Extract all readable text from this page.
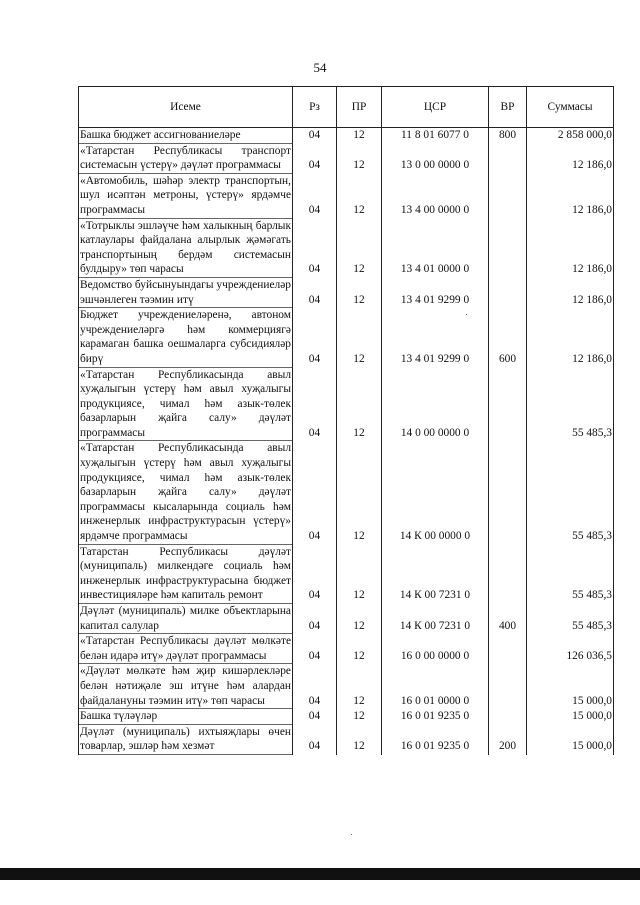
54
Исеме	Рз	ПР	ЦСР	ВР	Суммасы
Башка бюджет ассигнованиеләре	04	12	11 8 01 6077 0	800	2 858 000,0
«Татарстан Республикасы транспорт системасын үстерү» дәүләт программасы	04	12	13 0 00 0000 0		12 186,0
«Автомобиль, шәһәр электр транспортын, шул исәптән метроны, үстерү» ярдәмче программасы	04	12	13 4 00 0000 0		12 186,0
«Тотрыклы эшләүче һәм халыкның барлык катлаулары файдалана алырлык җәмәгать транспортының бердәм системасын булдыру» төп чарасы	04	12	13 4 01 0000 0		12 186,0
Ведомство буйсынуындагы учреждениеләр эшчәнлеген тәэмин итү	04	12	13 4 01 9299 0		12 186,0
Бюджет учреждениеләренә, автоном учреждениеләргә һәм коммерциягә карамаган башка оешмаларга субсидияләр бирү	04	12	13 4 01 9299 0	600	12 186,0
«Татарстан Республикасында авыл хуҗалыгын үстерү һәм авыл хуҗалыгы продукциясе, чимал һәм азык-төлек базарларын җайга салу» дәүләт программасы	04	12	14 0 00 0000 0		55 485,3
«Татарстан Республикасында авыл хуҗалыгын үстерү һәм авыл хуҗалыгы продукциясе, чимал һәм азык-төлек базарларын җайга салу» дәүләт программасы кысаларында социаль һәм инженерлык инфраструктурасын үстерү» ярдәмче программасы	04	12	14 К 00 0000 0		55 485,3
Татарстан Республикасы дәүләт (муниципаль) милкендәге социаль һәм инженерлык инфраструктурасына бюджет инвестицияләре һәм капиталь ремонт	04	12	14 К 00 7231 0		55 485,3
Дәүләт (муниципаль) милке объектларына капитал салулар	04	12	14 К 00 7231 0	400	55 485,3
«Татарстан Республикасы дәүләт мөлкәте белән идарә итү» дәүләт программасы	04	12	16 0 00 0000 0		126 036,5
«Дәүләт мөлкәте һәм җир кишәрлекләре белән нәтиҗәле эш итүне һәм алардан файдалануны тәэмин итү» төп чарасы	04	12	16 0 01 0000 0		15 000,0
Башка түләүләр	04	12	16 0 01 9235 0		15 000,0
Дәүләт (муниципаль) ихтыяҗлары өчен товарлар, эшләр һәм хезмәт	04	12	16 0 01 9235 0	200	15 000,0
